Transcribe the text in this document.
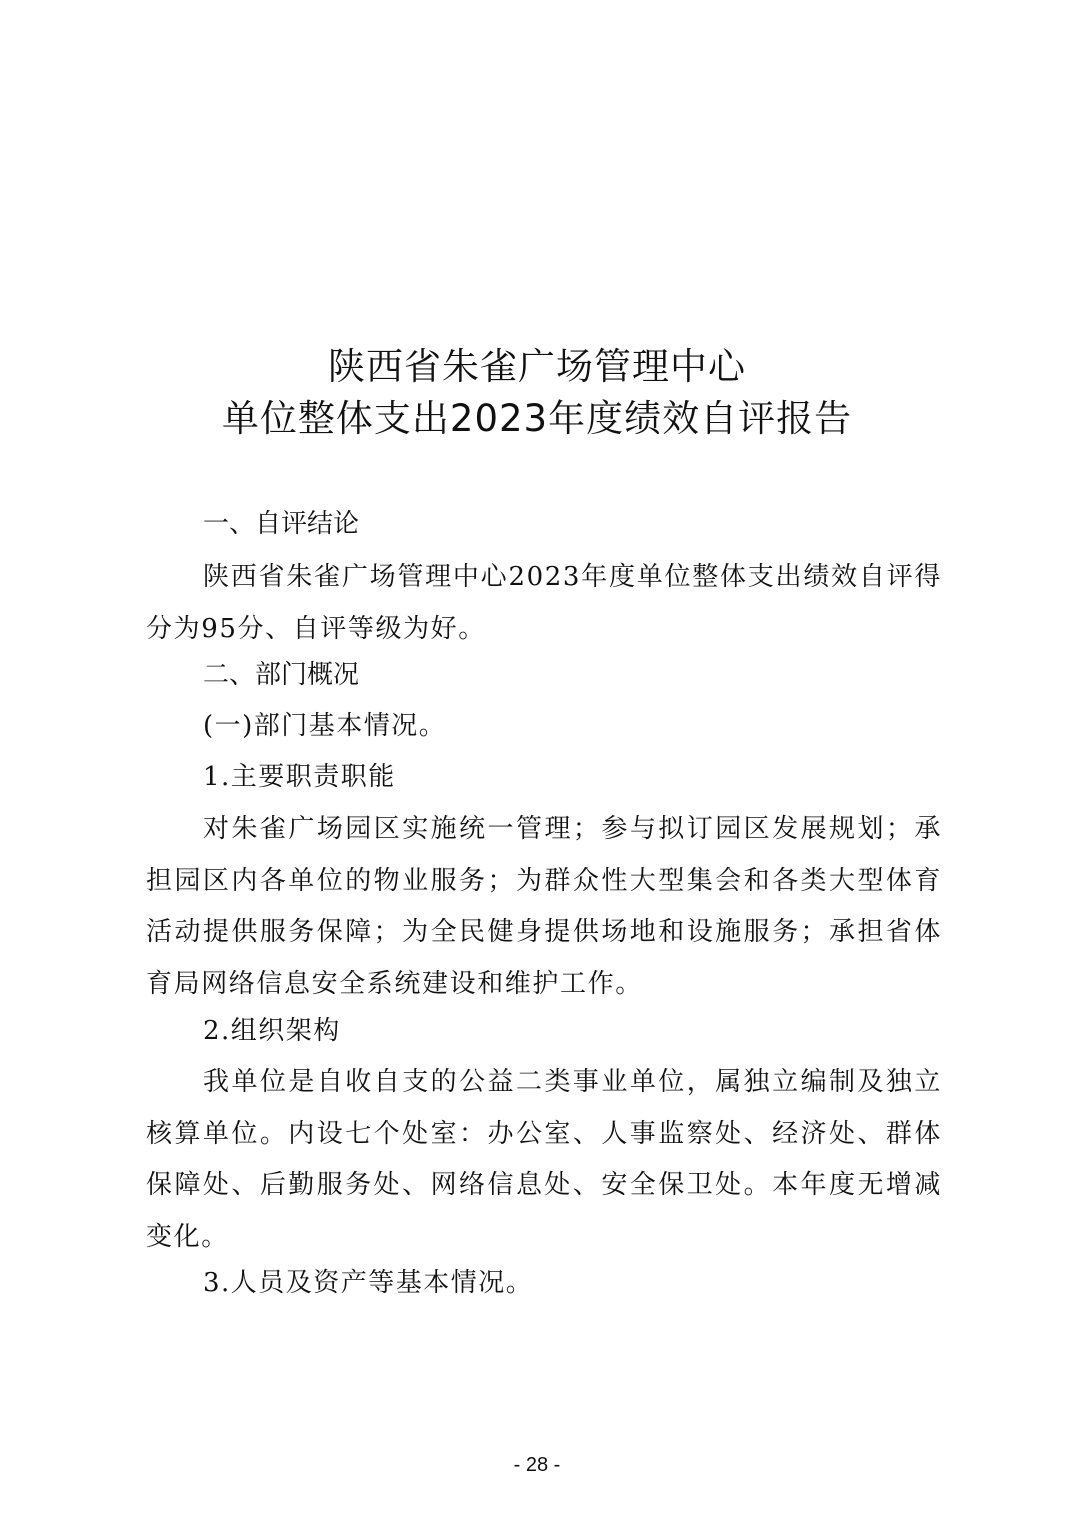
陕西省朱雀广场管理中心
单位整体支出2023年度绩效自评报告
一、自评结论
陕西省朱雀广场管理中心2023年度单位整体支出绩效自评得分为95分、自评等级为好。
二、部门概况
(一)部门基本情况。
1.主要职责职能
对朱雀广场园区实施统一管理；参与拟订园区发展规划；承担园区内各单位的物业服务；为群众性大型集会和各类大型体育活动提供服务保障；为全民健身提供场地和设施服务；承担省体育局网络信息安全系统建设和维护工作。
2.组织架构
我单位是自收自支的公益二类事业单位，属独立编制及独立核算单位。内设七个处室：办公室、人事监察处、经济处、群体保障处、后勤服务处、网络信息处、安全保卫处。本年度无增减变化。
3.人员及资产等基本情况。
- 28 -
